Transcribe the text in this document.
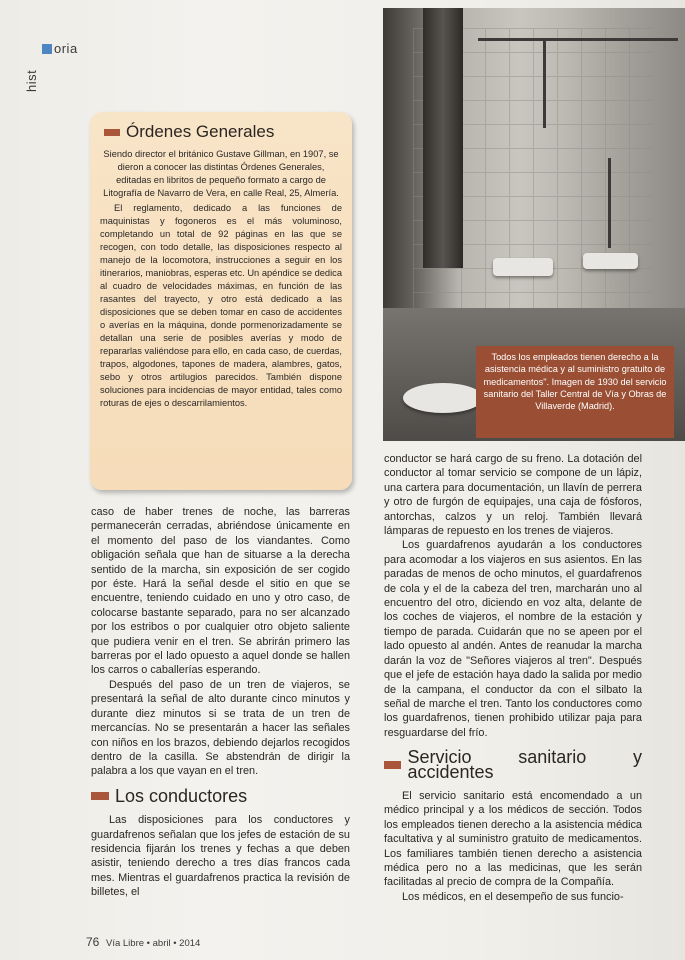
oria
hist
Órdenes Generales

Siendo director el británico Gustave Gillman, en 1907, se dieron a conocer las distintas Órdenes Generales, editadas en libritos de pequeño formato a cargo de Litografía de Navarro de Vera, en calle Real, 25, Almería.

El reglamento, dedicado a las funciones de maquinistas y fogoneros es el más voluminoso, completando un total de 92 páginas en las que se recogen, con todo detalle, las disposiciones respecto al manejo de la locomotora, instrucciones a seguir en los itinerarios, maniobras, esperas etc. Un apéndice se dedica al cuadro de velocidades máximas, en función de las rasantes del trayecto, y otro está dedicado a las disposiciones que se deben tomar en caso de accidentes o averías en la máquina, donde pormenorizadamente se detallan una serie de posibles averías y modo de repararlas valiéndose para ello, en cada caso, de cuerdas, trapos, algodones, tapones de madera, alambres, gatos, sebo y otros artilugios parecidos. También dispone soluciones para incidencias de mayor entidad, tales como roturas de ejes o descarrilamientos.

Todos los empleados tienen derecho a la asistencia médica y al suministro gratuito de medicamentos". Imagen de 1930 del servicio sanitario del Taller Central de Vía y Obras de Villaverde (Madrid).

caso de haber trenes de noche, las barreras permanecerán cerradas, abriéndose únicamente en el momento del paso de los viandantes. Como obligación señala que han de situarse a la derecha sentido de la marcha, sin exposición de ser cogido por éste. Hará la señal desde el sitio en que se encuentre, teniendo cuidado en uno y otro caso, de colocarse bastante separado, para no ser alcanzado por los estribos o por cualquier otro objeto saliente que pudiera venir en el tren. Se abrirán primero las barreras por el lado opuesto a aquel donde se hallen los carros o caballerías esperando.

Después del paso de un tren de viajeros, se presentará la señal de alto durante cinco minutos y durante diez minutos si se trata de un tren de mercancías. No se presentarán a hacer las señales con niños en los brazos, debiendo dejarlos recogidos dentro de la casilla. Se abstendrán de dirigir la palabra a los que vayan en el tren.

Los conductores

Las disposiciones para los conductores y guardafrenos señalan que los jefes de estación de su residencia fijarán los trenes y fechas a que deben asistir, teniendo derecho a tres días francos cada mes. Mientras el guardafrenos practica la revisión de billetes, el

conductor se hará cargo de su freno. La dotación del conductor al tomar servicio se compone de un lápiz, una cartera para documentación, un llavín de perrera y otro de furgón de equipajes, una caja de fósforos, antorchas, calzos y un reloj. También llevará lámparas de repuesto en los trenes de viajeros.

Los guardafrenos ayudarán a los conductores para acomodar a los viajeros en sus asientos. En las paradas de menos de ocho minutos, el guardafrenos de cola y el de la cabeza del tren, marcharán uno al encuentro del otro, diciendo en voz alta, delante de los coches de viajeros, el nombre de la estación y tiempo de parada. Cuidarán que no se apeen por el lado opuesto al andén. Antes de reanudar la marcha darán la voz de "Señores viajeros al tren". Después que el jefe de estación haya dado la salida por medio de la campana, el conductor da con el silbato la señal de marche el tren. Tanto los conductores como los guardafrenos, tienen prohibido utilizar paja para resguardarse del frío.

Servicio sanitario y accidentes

El servicio sanitario está encomendado a un médico principal y a los médicos de sección. Todos los empleados tienen derecho a la asistencia médica facultativa y al suministro gratuito de medicamentos. Los familiares también tienen derecho a asistencia médica pero no a las medicinas, que les serán facilitadas al precio de compra de la Compañía.

Los médicos, en el desempeño de sus funcio-

76 Vía Libre • abril • 2014
